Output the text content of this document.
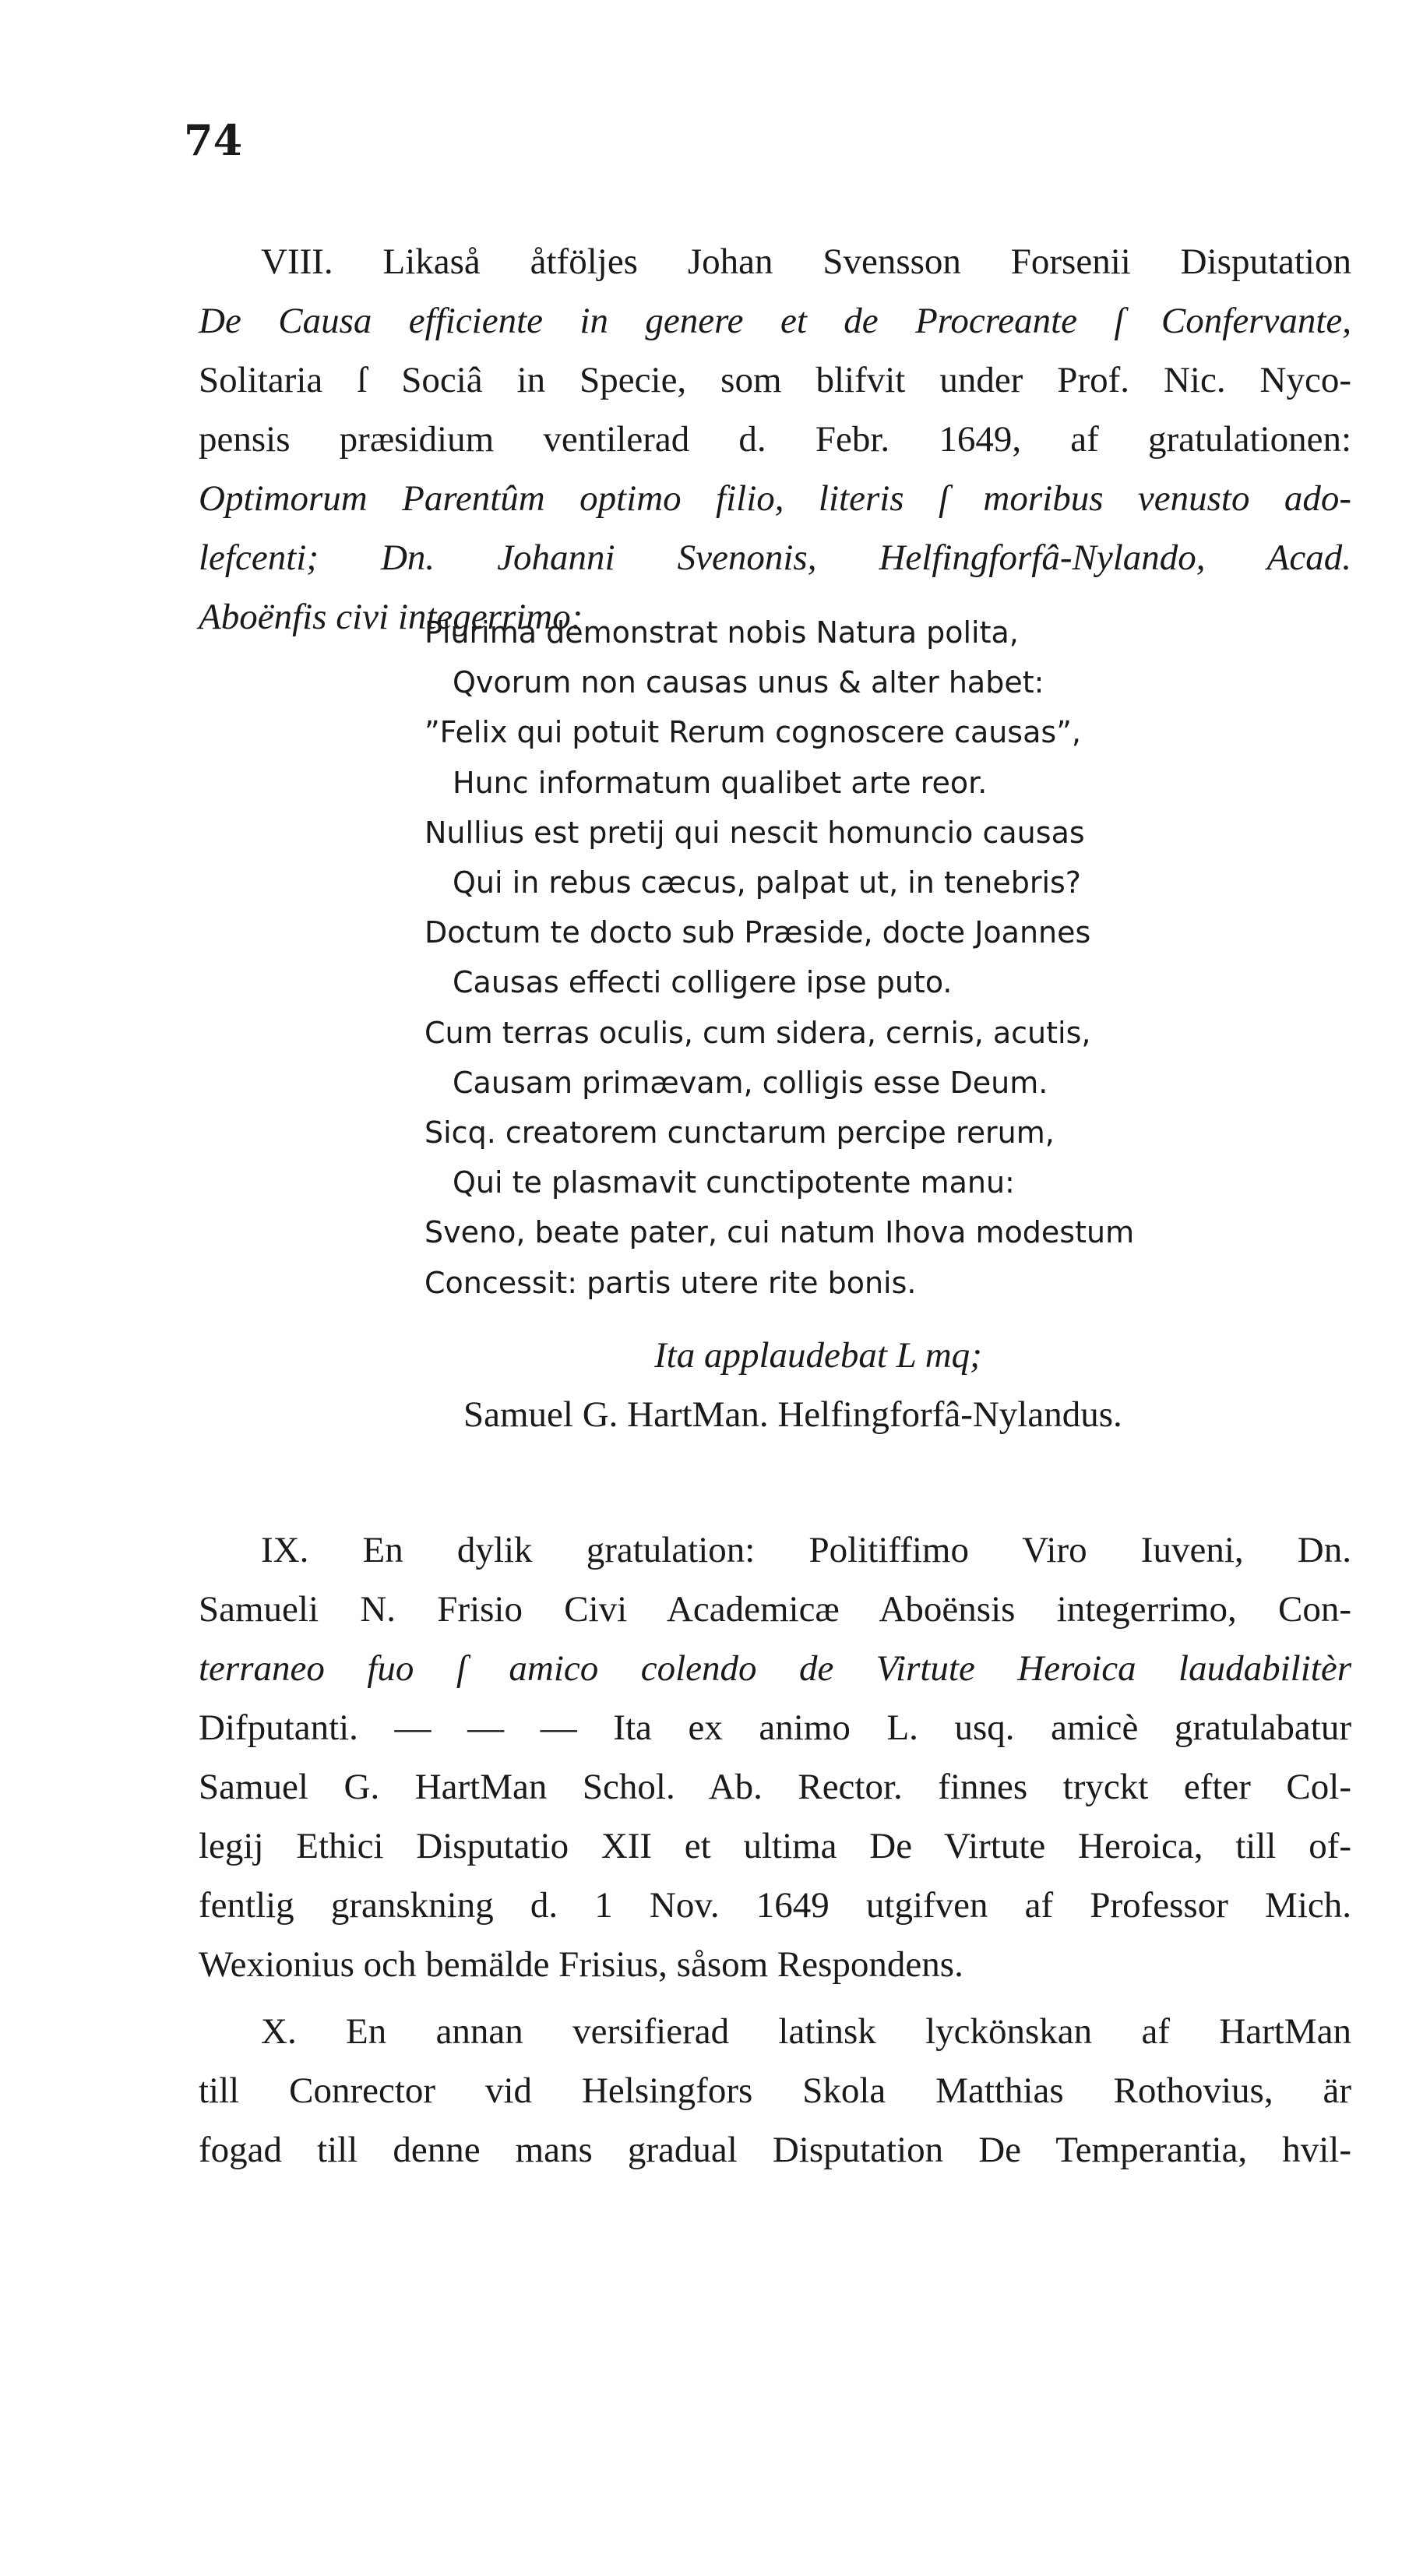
74
VIII. Likaså åtföljes Johan Svensson Forsenii Disputation
De Causa efficiente in genere et de Procreante ſ Confervante,
Solitaria ſ Sociâ in Specie, som blifvit under Prof. Nic. Nyco-
pensis præsidium ventilerad d. Febr. 1649, af gratulationen:
Optimorum Parentûm optimo filio, literis ſ moribus venusto ado-
lefcenti; Dn. Johanni Svenonis, Helfingforfâ-Nylando, Acad.
Aboënfis civi integerrimo:
Plurima demonstrat nobis Natura polita,
Qvorum non causas unus & alter habet:
”Felix qui potuit Rerum cognoscere causas”,
Hunc informatum qualibet arte reor.
Nullius est pretij qui nescit homuncio causas
Qui in rebus cæcus, palpat ut, in tenebris?
Doctum te docto sub Præside, docte Joannes
Causas effecti colligere ipse puto.
Cum terras oculis, cum sidera, cernis, acutis,
Causam primævam, colligis esse Deum.
Sicq. creatorem cunctarum percipe rerum,
Qui te plasmavit cunctipotente manu:
Sveno, beate pater, cui natum Ihova modestum
Concessit: partis utere rite bonis.
Ita applaudebat L mq;
Samuel G. HartMan. Helfingforfâ-Nylandus.
IX. En dylik gratulation: Politiffimo Viro Iuveni, Dn.
Samueli N. Frisio Civi Academicæ Aboënsis integerrimo, Con-
terraneo fuo ſ amico colendo de Virtute Heroica laudabilitèr
Difputanti. — — — Ita ex animo L. usq. amicè gratulabatur
Samuel G. HartMan Schol. Ab. Rector. finnes tryckt efter Col-
legij Ethici Disputatio XII et ultima De Virtute Heroica, till of-
fentlig granskning d. 1 Nov. 1649 utgifven af Professor Mich.
Wexionius och bemälde Frisius, såsom Respondens.
X. En annan versifierad latinsk lyckönskan af HartMan
till Conrector vid Helsingfors Skola Matthias Rothovius, är
fogad till denne mans gradual Disputation De Temperantia, hvil-
